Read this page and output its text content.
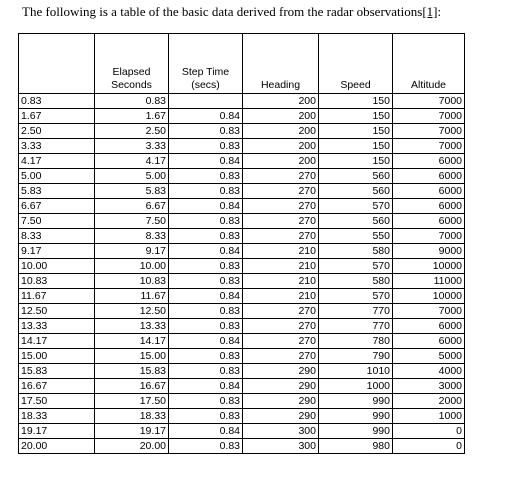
The following is a table of the basic data derived from the radar observations[1]:
	Elapsed Seconds	Step Time (secs)	Heading	Speed	Altitude
0.83	0.83		200	150	7000
1.67	1.67	0.84	200	150	7000
2.50	2.50	0.83	200	150	7000
3.33	3.33	0.83	200	150	7000
4.17	4.17	0.84	200	150	6000
5.00	5.00	0.83	270	560	6000
5.83	5.83	0.83	270	560	6000
6.67	6.67	0.84	270	570	6000
7.50	7.50	0.83	270	560	6000
8.33	8.33	0.83	270	550	7000
9.17	9.17	0.84	210	580	9000
10.00	10.00	0.83	210	570	10000
10.83	10.83	0.83	210	580	11000
11.67	11.67	0.84	210	570	10000
12.50	12.50	0.83	270	770	7000
13.33	13.33	0.83	270	770	6000
14.17	14.17	0.84	270	780	6000
15.00	15.00	0.83	270	790	5000
15.83	15.83	0.83	290	1010	4000
16.67	16.67	0.84	290	1000	3000
17.50	17.50	0.83	290	990	2000
18.33	18.33	0.83	290	990	1000
19.17	19.17	0.84	300	990	0
20.00	20.00	0.83	300	980	0
